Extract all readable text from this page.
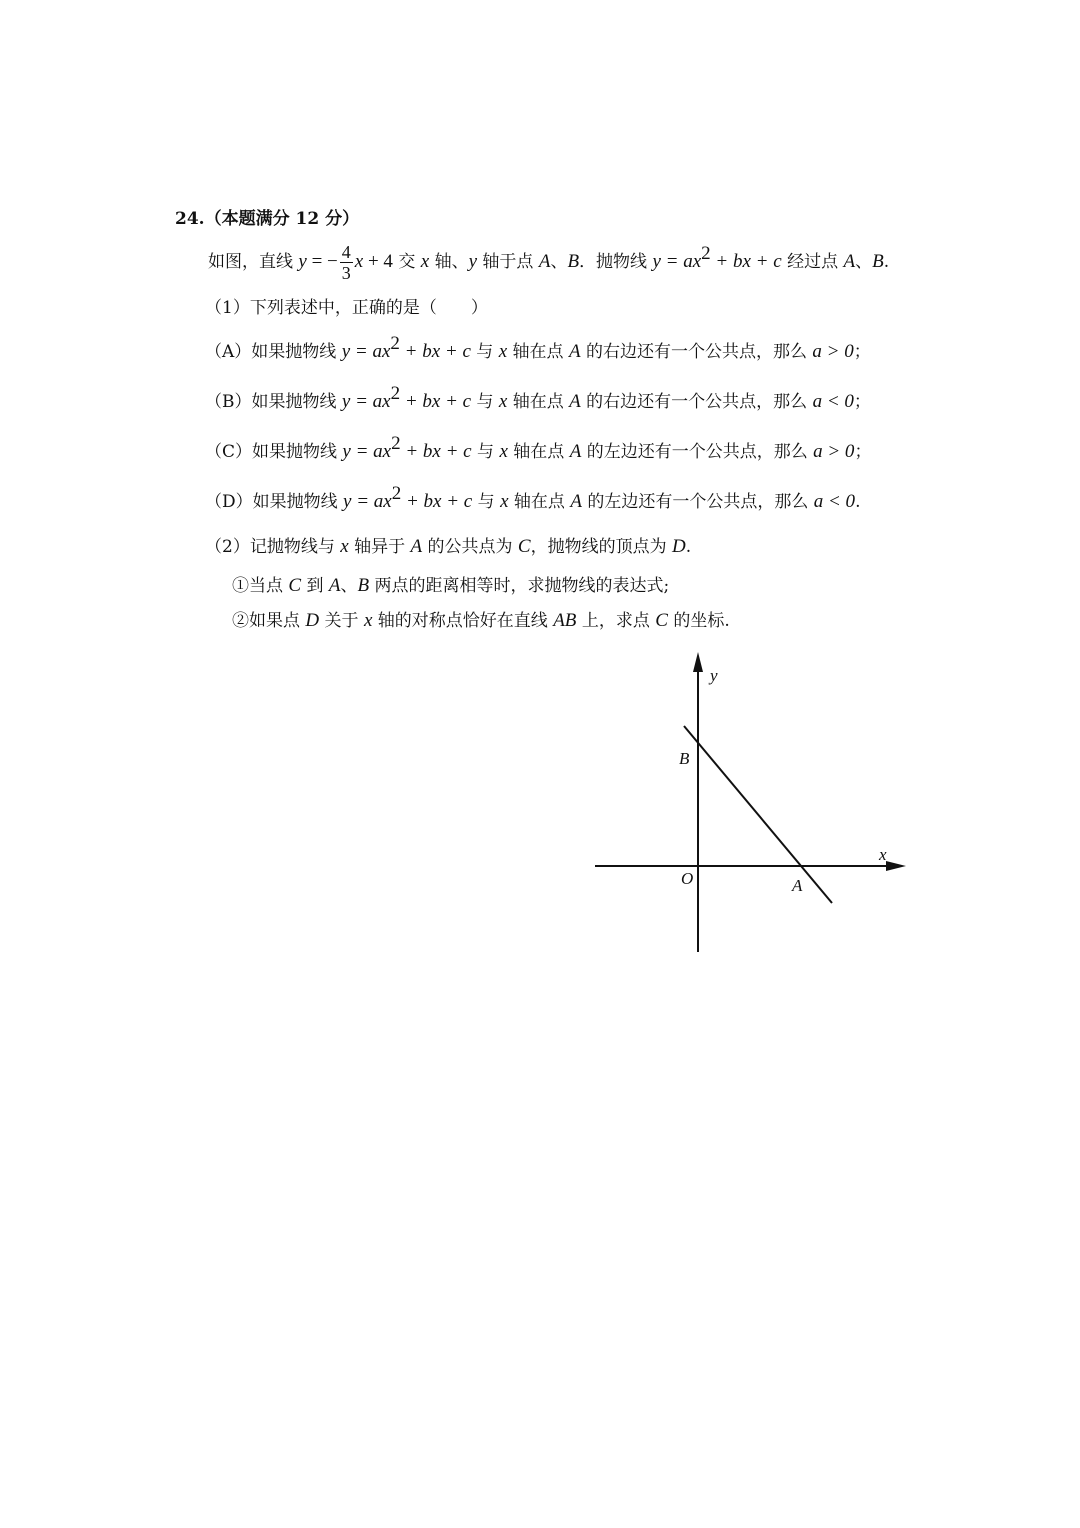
24.（本题满分 12 分）
如图，直线 y = − $\frac{4}{3}$ x + 4 交 x 轴、y 轴于点 A、B．抛物线 $y = ax^2$ + bx + c 经过点 A、B.
（1）下列表述中，正确的是（　　）
（A）如果抛物线 $y = ax^2$ + bx + c 与 x 轴在点 A 的右边还有一个公共点，那么 a > 0；
（B）如果抛物线 $y = ax^2$ + bx + c 与 x 轴在点 A 的右边还有一个公共点，那么 a < 0；
（C）如果抛物线 $y = ax^2$ + bx + c 与 x 轴在点 A 的左边还有一个公共点，那么 a > 0；
（D）如果抛物线 $y = ax^2$ + bx + c 与 x 轴在点 A 的左边还有一个公共点，那么 a < 0.
（2）记抛物线与 x 轴异于 A 的公共点为 C，抛物线的顶点为 D.
①当点 C 到 A、B 两点的距离相等时，求抛物线的表达式;
②如果点 D 关于 x 轴的对称点恰好在直线 AB 上，求点 C 的坐标.
y
x
B
O	A
